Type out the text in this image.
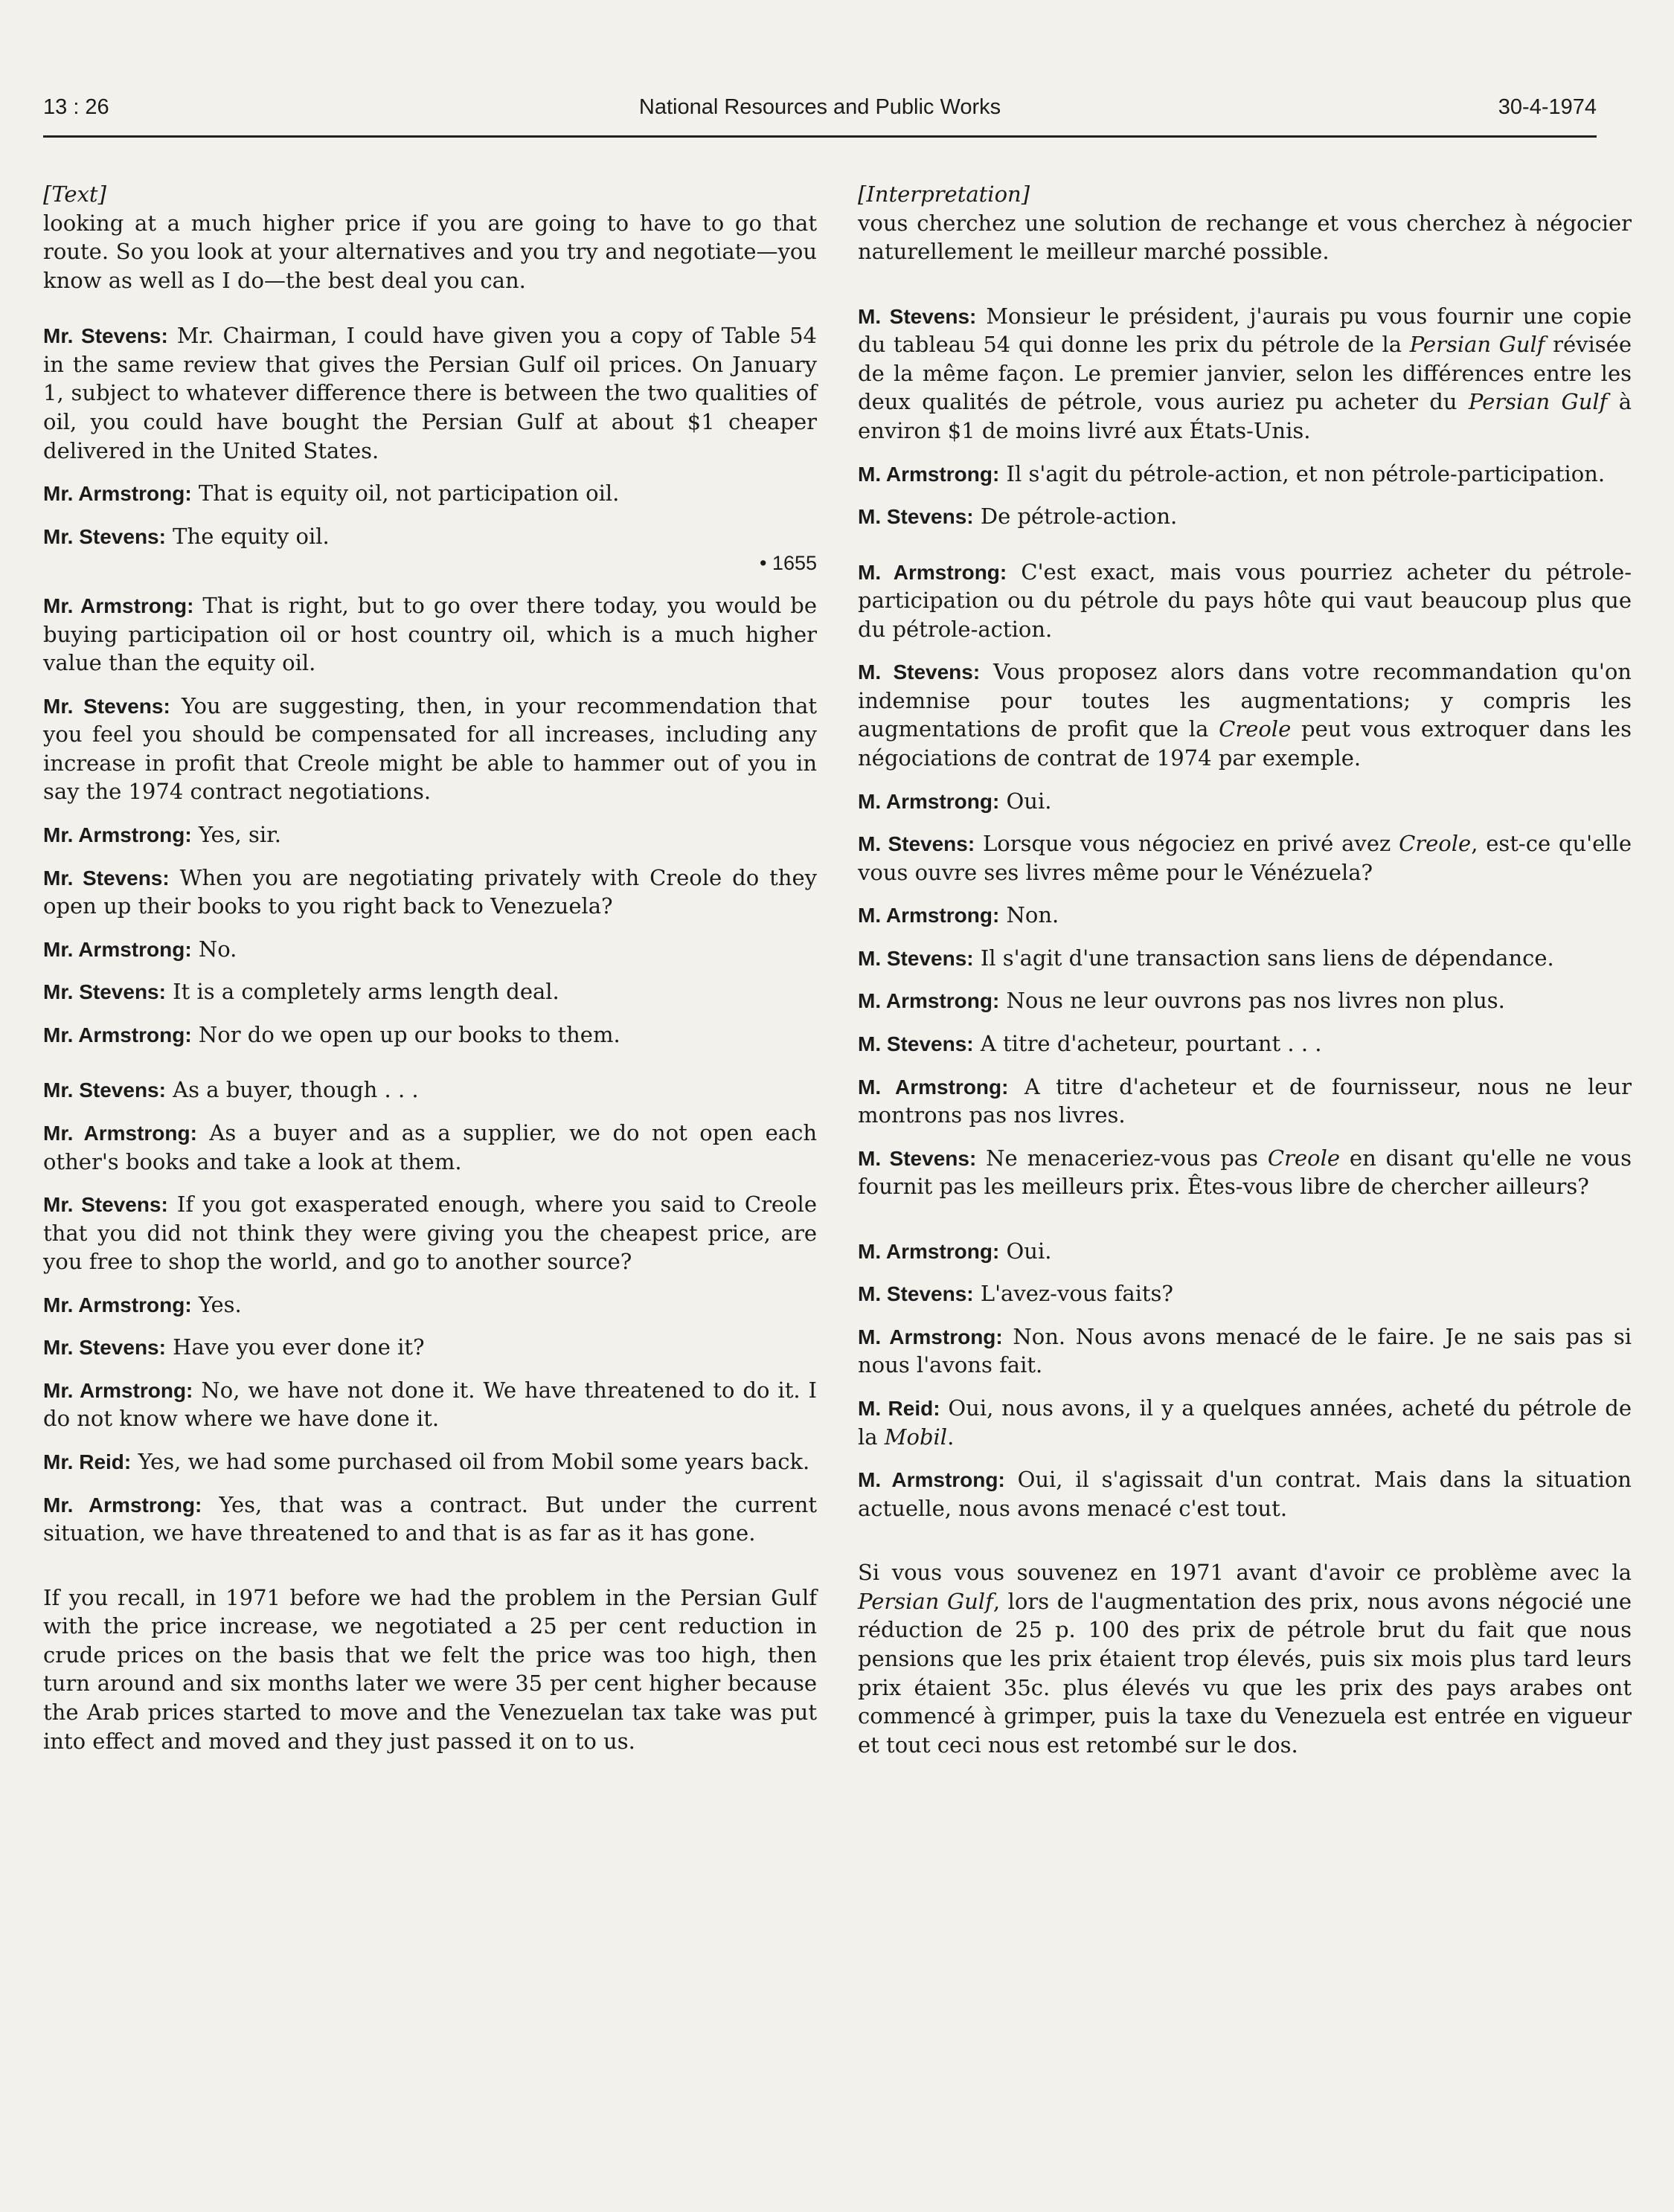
13 : 26	National Resources and Public Works	30-4-1974

[Text]

looking at a much higher price if you are going to have to go that route. So you look at your alternatives and you try and negotiate—you know as well as I do—the best deal you can.

Mr. Stevens: Mr. Chairman, I could have given you a copy of Table 54 in the same review that gives the Persian Gulf oil prices. On January 1, subject to whatever difference there is between the two qualities of oil, you could have bought the Persian Gulf at about $1 cheaper delivered in the United States.

Mr. Armstrong: That is equity oil, not participation oil.

Mr. Stevens: The equity oil.

• 1655

Mr. Armstrong: That is right, but to go over there today, you would be buying participation oil or host country oil, which is a much higher value than the equity oil.

Mr. Stevens: You are suggesting, then, in your recommendation that you feel you should be compensated for all increases, including any increase in profit that Creole might be able to hammer out of you in say the 1974 contract negotiations.

Mr. Armstrong: Yes, sir.

Mr. Stevens: When you are negotiating privately with Creole do they open up their books to you right back to Venezuela?

Mr. Armstrong: No.

Mr. Stevens: It is a completely arms length deal.

Mr. Armstrong: Nor do we open up our books to them.

Mr. Stevens: As a buyer, though . . .

Mr. Armstrong: As a buyer and as a supplier, we do not open each other's books and take a look at them.

Mr. Stevens: If you got exasperated enough, where you said to Creole that you did not think they were giving you the cheapest price, are you free to shop the world, and go to another source?

Mr. Armstrong: Yes.

Mr. Stevens: Have you ever done it?

Mr. Armstrong: No, we have not done it. We have threatened to do it. I do not know where we have done it.

Mr. Reid: Yes, we had some purchased oil from Mobil some years back.

Mr. Armstrong: Yes, that was a contract. But under the current situation, we have threatened to and that is as far as it has gone.

If you recall, in 1971 before we had the problem in the Persian Gulf with the price increase, we negotiated a 25 per cent reduction in crude prices on the basis that we felt the price was too high, then turn around and six months later we were 35 per cent higher because the Arab prices started to move and the Venezuelan tax take was put into effect and moved and they just passed it on to us.

[Interpretation]

vous cherchez une solution de rechange et vous cherchez à négocier naturellement le meilleur marché possible.

M. Stevens: Monsieur le président, j'aurais pu vous fournir une copie du tableau 54 qui donne les prix du pétrole de la Persian Gulf révisée de la même façon. Le premier janvier, selon les différences entre les deux qualités de pétrole, vous auriez pu acheter du Persian Gulf à environ $1 de moins livré aux États-Unis.

M. Armstrong: Il s'agit du pétrole-action, et non pétrole-participation.

M. Stevens: De pétrole-action.

M. Armstrong: C'est exact, mais vous pourriez acheter du pétrole-participation ou du pétrole du pays hôte qui vaut beaucoup plus que du pétrole-action.

M. Stevens: Vous proposez alors dans votre recommandation qu'on indemnise pour toutes les augmentations; y compris les augmentations de profit que la Creole peut vous extroquer dans les négociations de contrat de 1974 par exemple.

M. Armstrong: Oui.

M. Stevens: Lorsque vous négociez en privé avez Creole, est-ce qu'elle vous ouvre ses livres même pour le Vénézuela?

M. Armstrong: Non.

M. Stevens: Il s'agit d'une transaction sans liens de dépendance.

M. Armstrong: Nous ne leur ouvrons pas nos livres non plus.

M. Stevens: A titre d'acheteur, pourtant . . .

M. Armstrong: A titre d'acheteur et de fournisseur, nous ne leur montrons pas nos livres.

M. Stevens: Ne menaceriez-vous pas Creole en disant qu'elle ne vous fournit pas les meilleurs prix. Êtes-vous libre de chercher ailleurs?

M. Armstrong: Oui.

M. Stevens: L'avez-vous faits?

M. Armstrong: Non. Nous avons menacé de le faire. Je ne sais pas si nous l'avons fait.

M. Reid: Oui, nous avons, il y a quelques années, acheté du pétrole de la Mobil.

M. Armstrong: Oui, il s'agissait d'un contrat. Mais dans la situation actuelle, nous avons menacé c'est tout.

Si vous vous souvenez en 1971 avant d'avoir ce problème avec la Persian Gulf, lors de l'augmentation des prix, nous avons négocié une réduction de 25 p. 100 des prix de pétrole brut du fait que nous pensions que les prix étaient trop élevés, puis six mois plus tard leurs prix étaient 35c. plus élevés vu que les prix des pays arabes ont commencé à grimper, puis la taxe du Venezuela est entrée en vigueur et tout ceci nous est retombé sur le dos.
